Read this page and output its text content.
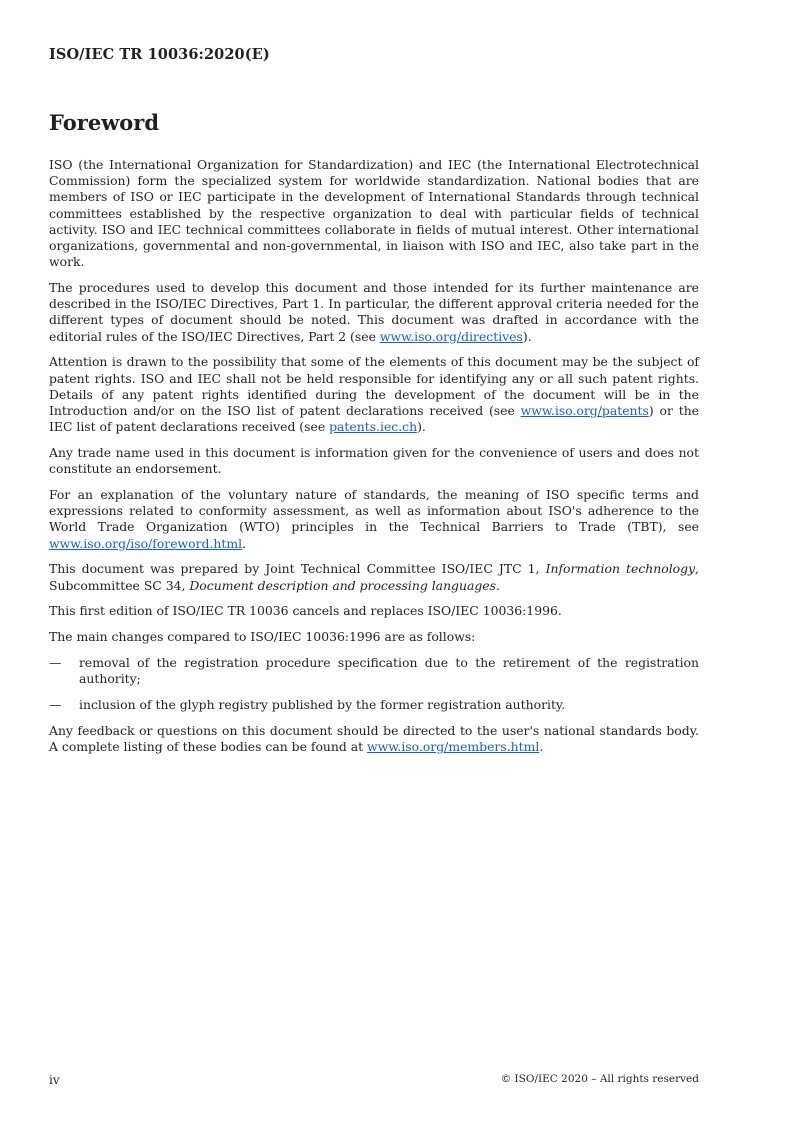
ISO/IEC TR 10036:2020(E)
Foreword

ISO (the International Organization for Standardization) and IEC (the International Electrotechnical Commission) form the specialized system for worldwide standardization. National bodies that are members of ISO or IEC participate in the development of International Standards through technical committees established by the respective organization to deal with particular fields of technical activity. ISO and IEC technical committees collaborate in fields of mutual interest. Other international organizations, governmental and non-governmental, in liaison with ISO and IEC, also take part in the work.

The procedures used to develop this document and those intended for its further maintenance are described in the ISO/IEC Directives, Part 1. In particular, the different approval criteria needed for the different types of document should be noted. This document was drafted in accordance with the editorial rules of the ISO/IEC Directives, Part 2 (see www.iso.org/directives).

Attention is drawn to the possibility that some of the elements of this document may be the subject of patent rights. ISO and IEC shall not be held responsible for identifying any or all such patent rights. Details of any patent rights identified during the development of the document will be in the Introduction and/or on the ISO list of patent declarations received (see www.iso.org/patents) or the IEC list of patent declarations received (see patents.iec.ch).

Any trade name used in this document is information given for the convenience of users and does not constitute an endorsement.

For an explanation of the voluntary nature of standards, the meaning of ISO specific terms and expressions related to conformity assessment, as well as information about ISO's adherence to the World Trade Organization (WTO) principles in the Technical Barriers to Trade (TBT), see www.iso.org/iso/foreword.html.

This document was prepared by Joint Technical Committee ISO/IEC JTC 1, Information technology, Subcommittee SC 34, Document description and processing languages.

This first edition of ISO/IEC TR 10036 cancels and replaces ISO/IEC 10036:1996.

The main changes compared to ISO/IEC 10036:1996 are as follows:

—	removal of the registration procedure specification due to the retirement of the registration authority;
—	inclusion of the glyph registry published by the former registration authority.

Any feedback or questions on this document should be directed to the user's national standards body. A complete listing of these bodies can be found at www.iso.org/members.html.

iv	© ISO/IEC 2020 – All rights reserved
